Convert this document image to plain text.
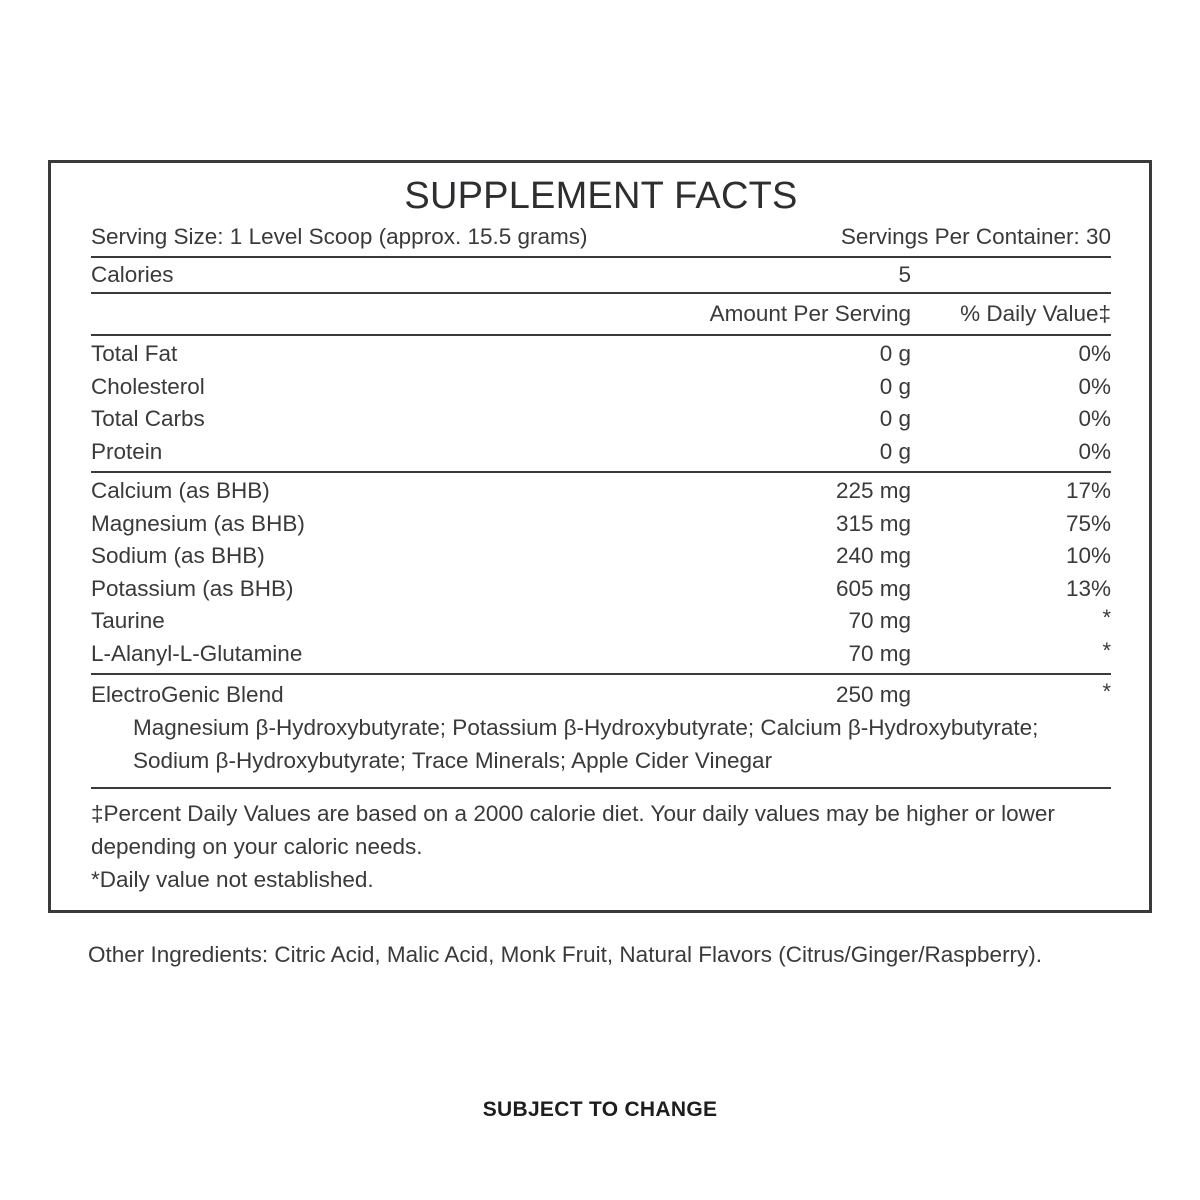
SUPPLEMENT FACTS
Serving Size: 1 Level Scoop (approx. 15.5 grams)	Servings Per Container: 30
Calories	5
Amount Per Serving	% Daily Value‡
Total Fat	0 g	0%
Cholesterol	0 g	0%
Total Carbs	0 g	0%
Protein	0 g	0%
Calcium (as BHB)	225 mg	17%
Magnesium (as BHB)	315 mg	75%
Sodium (as BHB)	240 mg	10%
Potassium (as BHB)	605 mg	13%
Taurine	70 mg	*
L-Alanyl-L-Glutamine	70 mg	*
ElectroGenic Blend	250 mg	*
Magnesium β-Hydroxybutyrate; Potassium β-Hydroxybutyrate; Calcium β-Hydroxybutyrate; Sodium β-Hydroxybutyrate; Trace Minerals; Apple Cider Vinegar

‡Percent Daily Values are based on a 2000 calorie diet. Your daily values may be higher or lower depending on your caloric needs.

*Daily value not established.

Other Ingredients: Citric Acid, Malic Acid, Monk Fruit, Natural Flavors (Citrus/Ginger/Raspberry).
SUBJECT TO CHANGE
